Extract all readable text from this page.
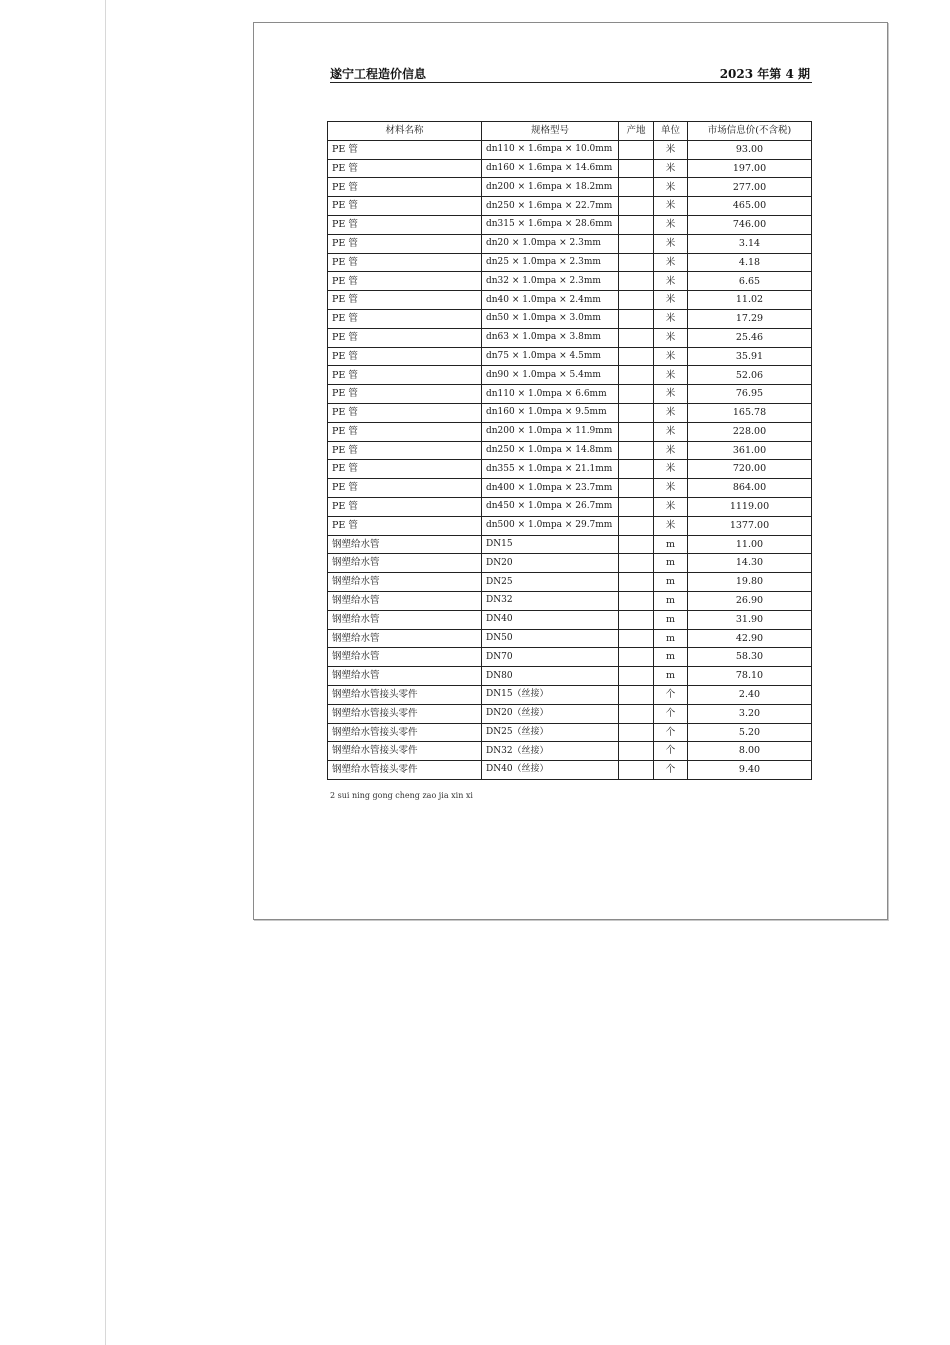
遂宁工程造价信息	2023 年第 4 期
材料名称	规格型号	产地	单位	市场信息价(不含税)
PE 管	dn110 × 1.6mpa × 10.0mm		米	93.00
PE 管	dn160 × 1.6mpa × 14.6mm		米	197.00
PE 管	dn200 × 1.6mpa × 18.2mm		米	277.00
PE 管	dn250 × 1.6mpa × 22.7mm		米	465.00
PE 管	dn315 × 1.6mpa × 28.6mm		米	746.00
PE 管	dn20 × 1.0mpa × 2.3mm		米	3.14
PE 管	dn25 × 1.0mpa × 2.3mm		米	4.18
PE 管	dn32 × 1.0mpa × 2.3mm		米	6.65
PE 管	dn40 × 1.0mpa × 2.4mm		米	11.02
PE 管	dn50 × 1.0mpa × 3.0mm		米	17.29
PE 管	dn63 × 1.0mpa × 3.8mm		米	25.46
PE 管	dn75 × 1.0mpa × 4.5mm		米	35.91
PE 管	dn90 × 1.0mpa × 5.4mm		米	52.06
PE 管	dn110 × 1.0mpa × 6.6mm		米	76.95
PE 管	dn160 × 1.0mpa × 9.5mm		米	165.78
PE 管	dn200 × 1.0mpa × 11.9mm		米	228.00
PE 管	dn250 × 1.0mpa × 14.8mm		米	361.00
PE 管	dn355 × 1.0mpa × 21.1mm		米	720.00
PE 管	dn400 × 1.0mpa × 23.7mm		米	864.00
PE 管	dn450 × 1.0mpa × 26.7mm		米	1119.00
PE 管	dn500 × 1.0mpa × 29.7mm		米	1377.00
钢塑给水管	DN15		m	11.00
钢塑给水管	DN20		m	14.30
钢塑给水管	DN25		m	19.80
钢塑给水管	DN32		m	26.90
钢塑给水管	DN40		m	31.90
钢塑给水管	DN50		m	42.90
钢塑给水管	DN70		m	58.30
钢塑给水管	DN80		m	78.10
钢塑给水管接头零件	DN15（丝接）		个	2.40
钢塑给水管接头零件	DN20（丝接）		个	3.20
钢塑给水管接头零件	DN25（丝接）		个	5.20
钢塑给水管接头零件	DN32（丝接）		个	8.00
钢塑给水管接头零件	DN40（丝接）		个	9.40
2 sui ning gong cheng zao jia xin xi
